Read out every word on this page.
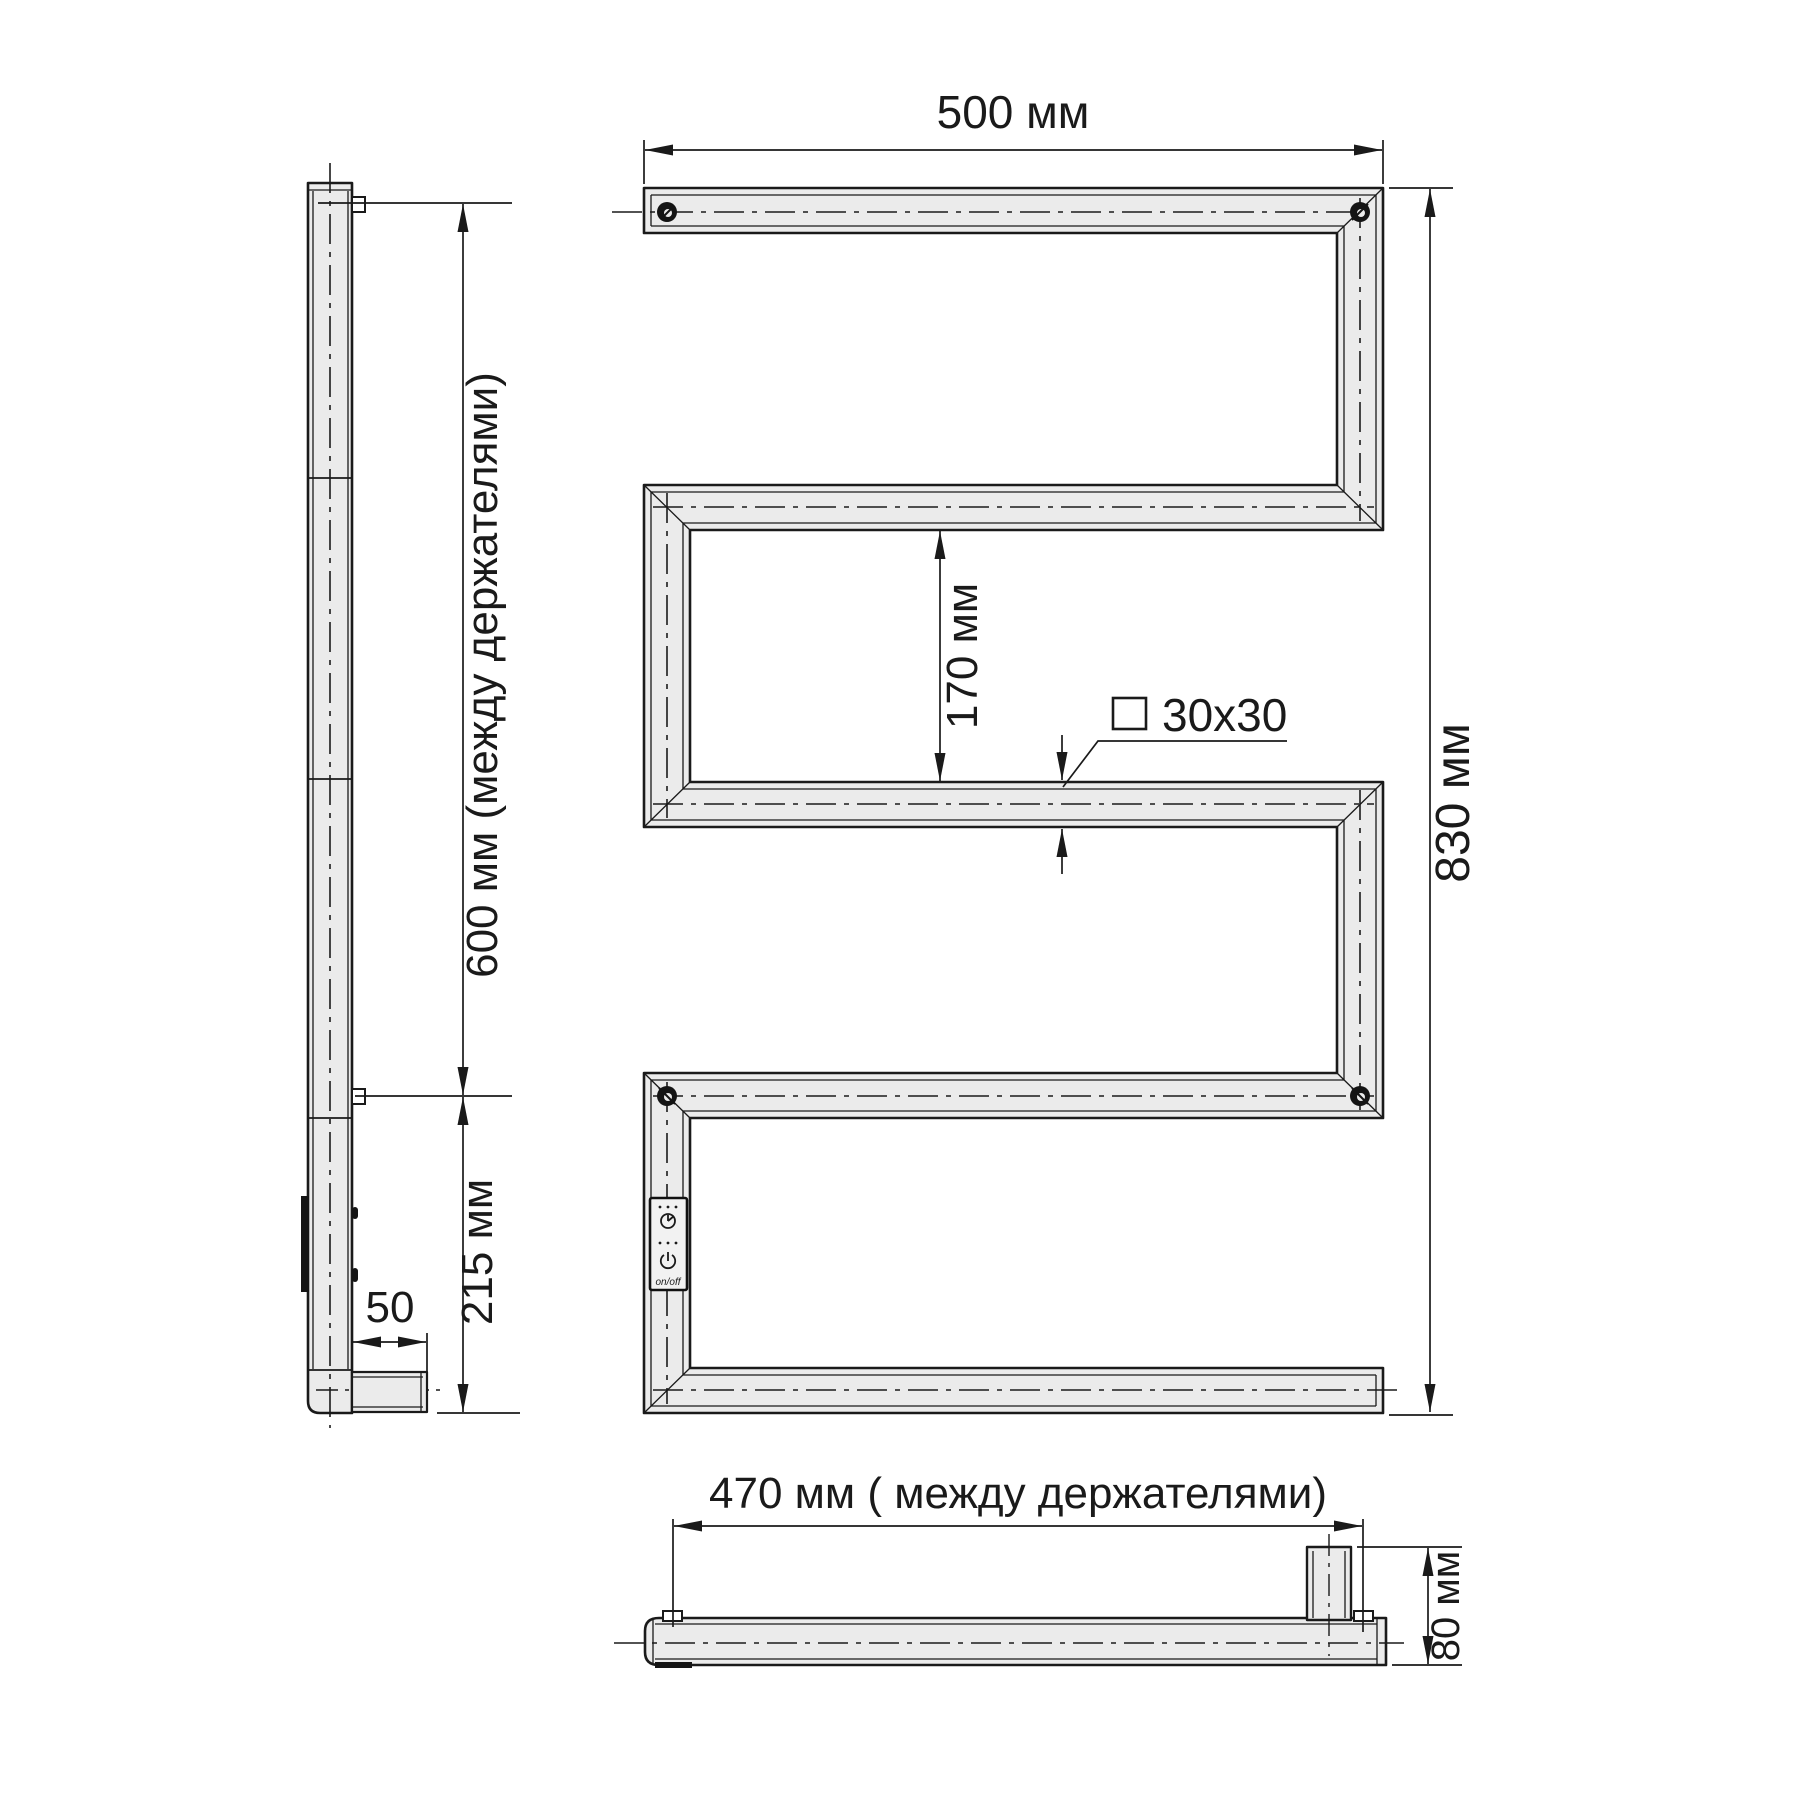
600 мм (между держателями)
215 мм
50
on/off
500 мм
830 мм
170 мм	30x30
470 мм ( между держателями)
80 мм
